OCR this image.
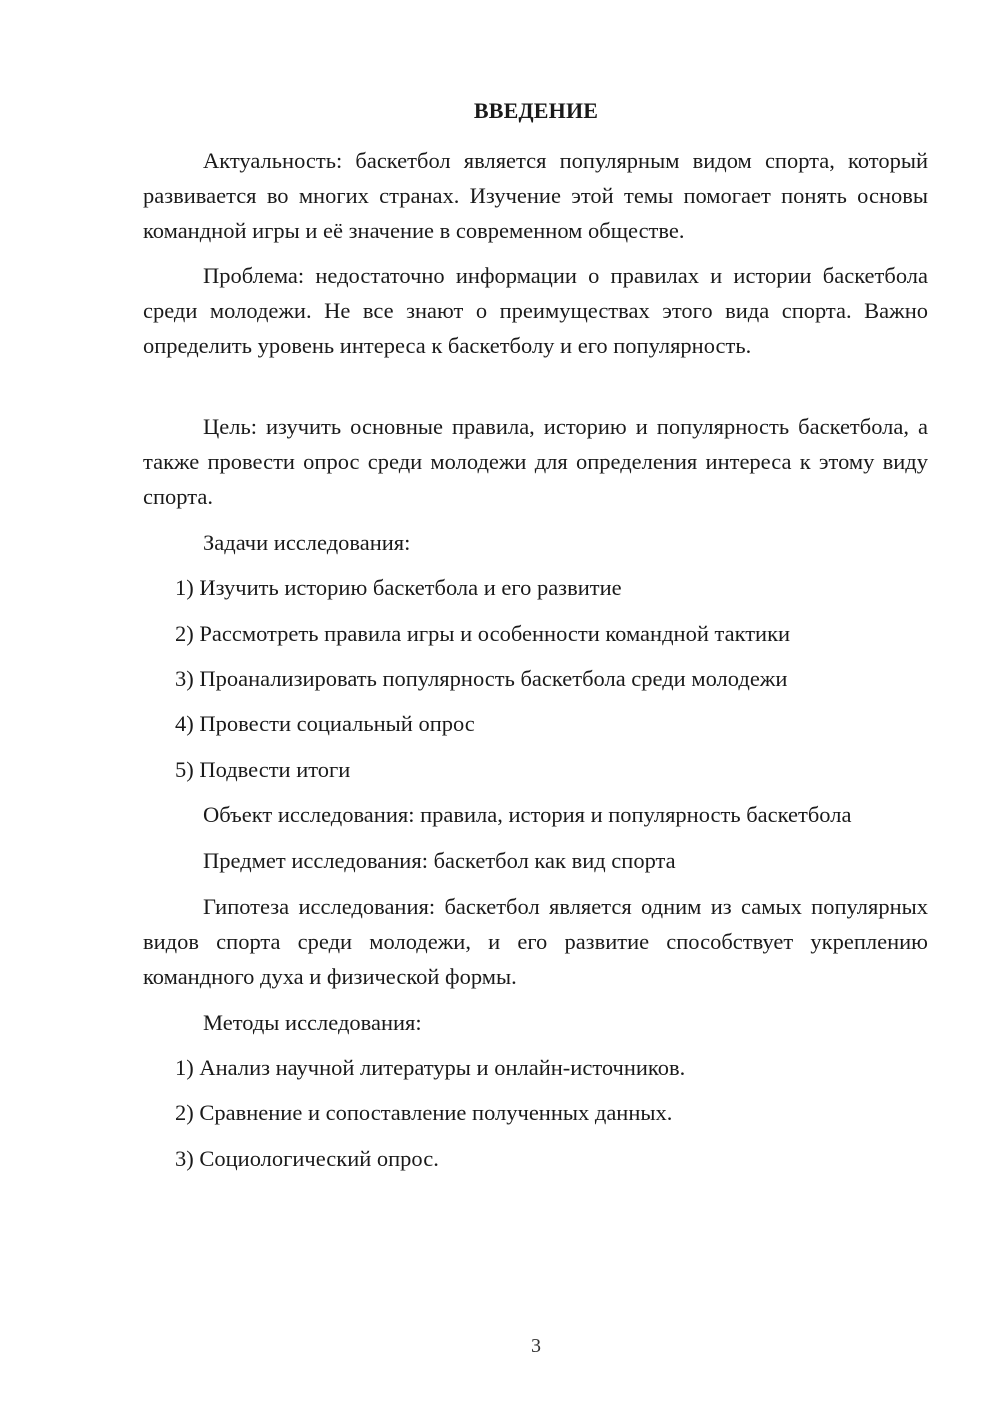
ВВЕДЕНИЕ

Актуальность: баскетбол является популярным видом спорта, который развивается во многих странах. Изучение этой темы помогает понять основы командной игры и её значение в современном обществе.

Проблема: недостаточно информации о правилах и истории баскетбола среди молодежи. Не все знают о преимуществах этого вида спорта. Важно определить уровень интереса к баскетболу и его популярность.

Цель: изучить основные правила, историю и популярность баскетбола, а также провести опрос среди молодежи для определения интереса к этому виду спорта.

Задачи исследования:

1) Изучить историю баскетбола и его развитие

2) Рассмотреть правила игры и особенности командной тактики

3) Проанализировать популярность баскетбола среди молодежи

4) Провести социальный опрос

5) Подвести итоги

Объект исследования: правила, история и популярность баскетбола

Предмет исследования: баскетбол как вид спорта

Гипотеза исследования: баскетбол является одним из самых популярных видов спорта среди молодежи, и его развитие способствует укреплению командного духа и физической формы.

Методы исследования:

1) Анализ научной литературы и онлайн-источников.

2) Сравнение и сопоставление полученных данных.

3) Социологический опрос.

3
